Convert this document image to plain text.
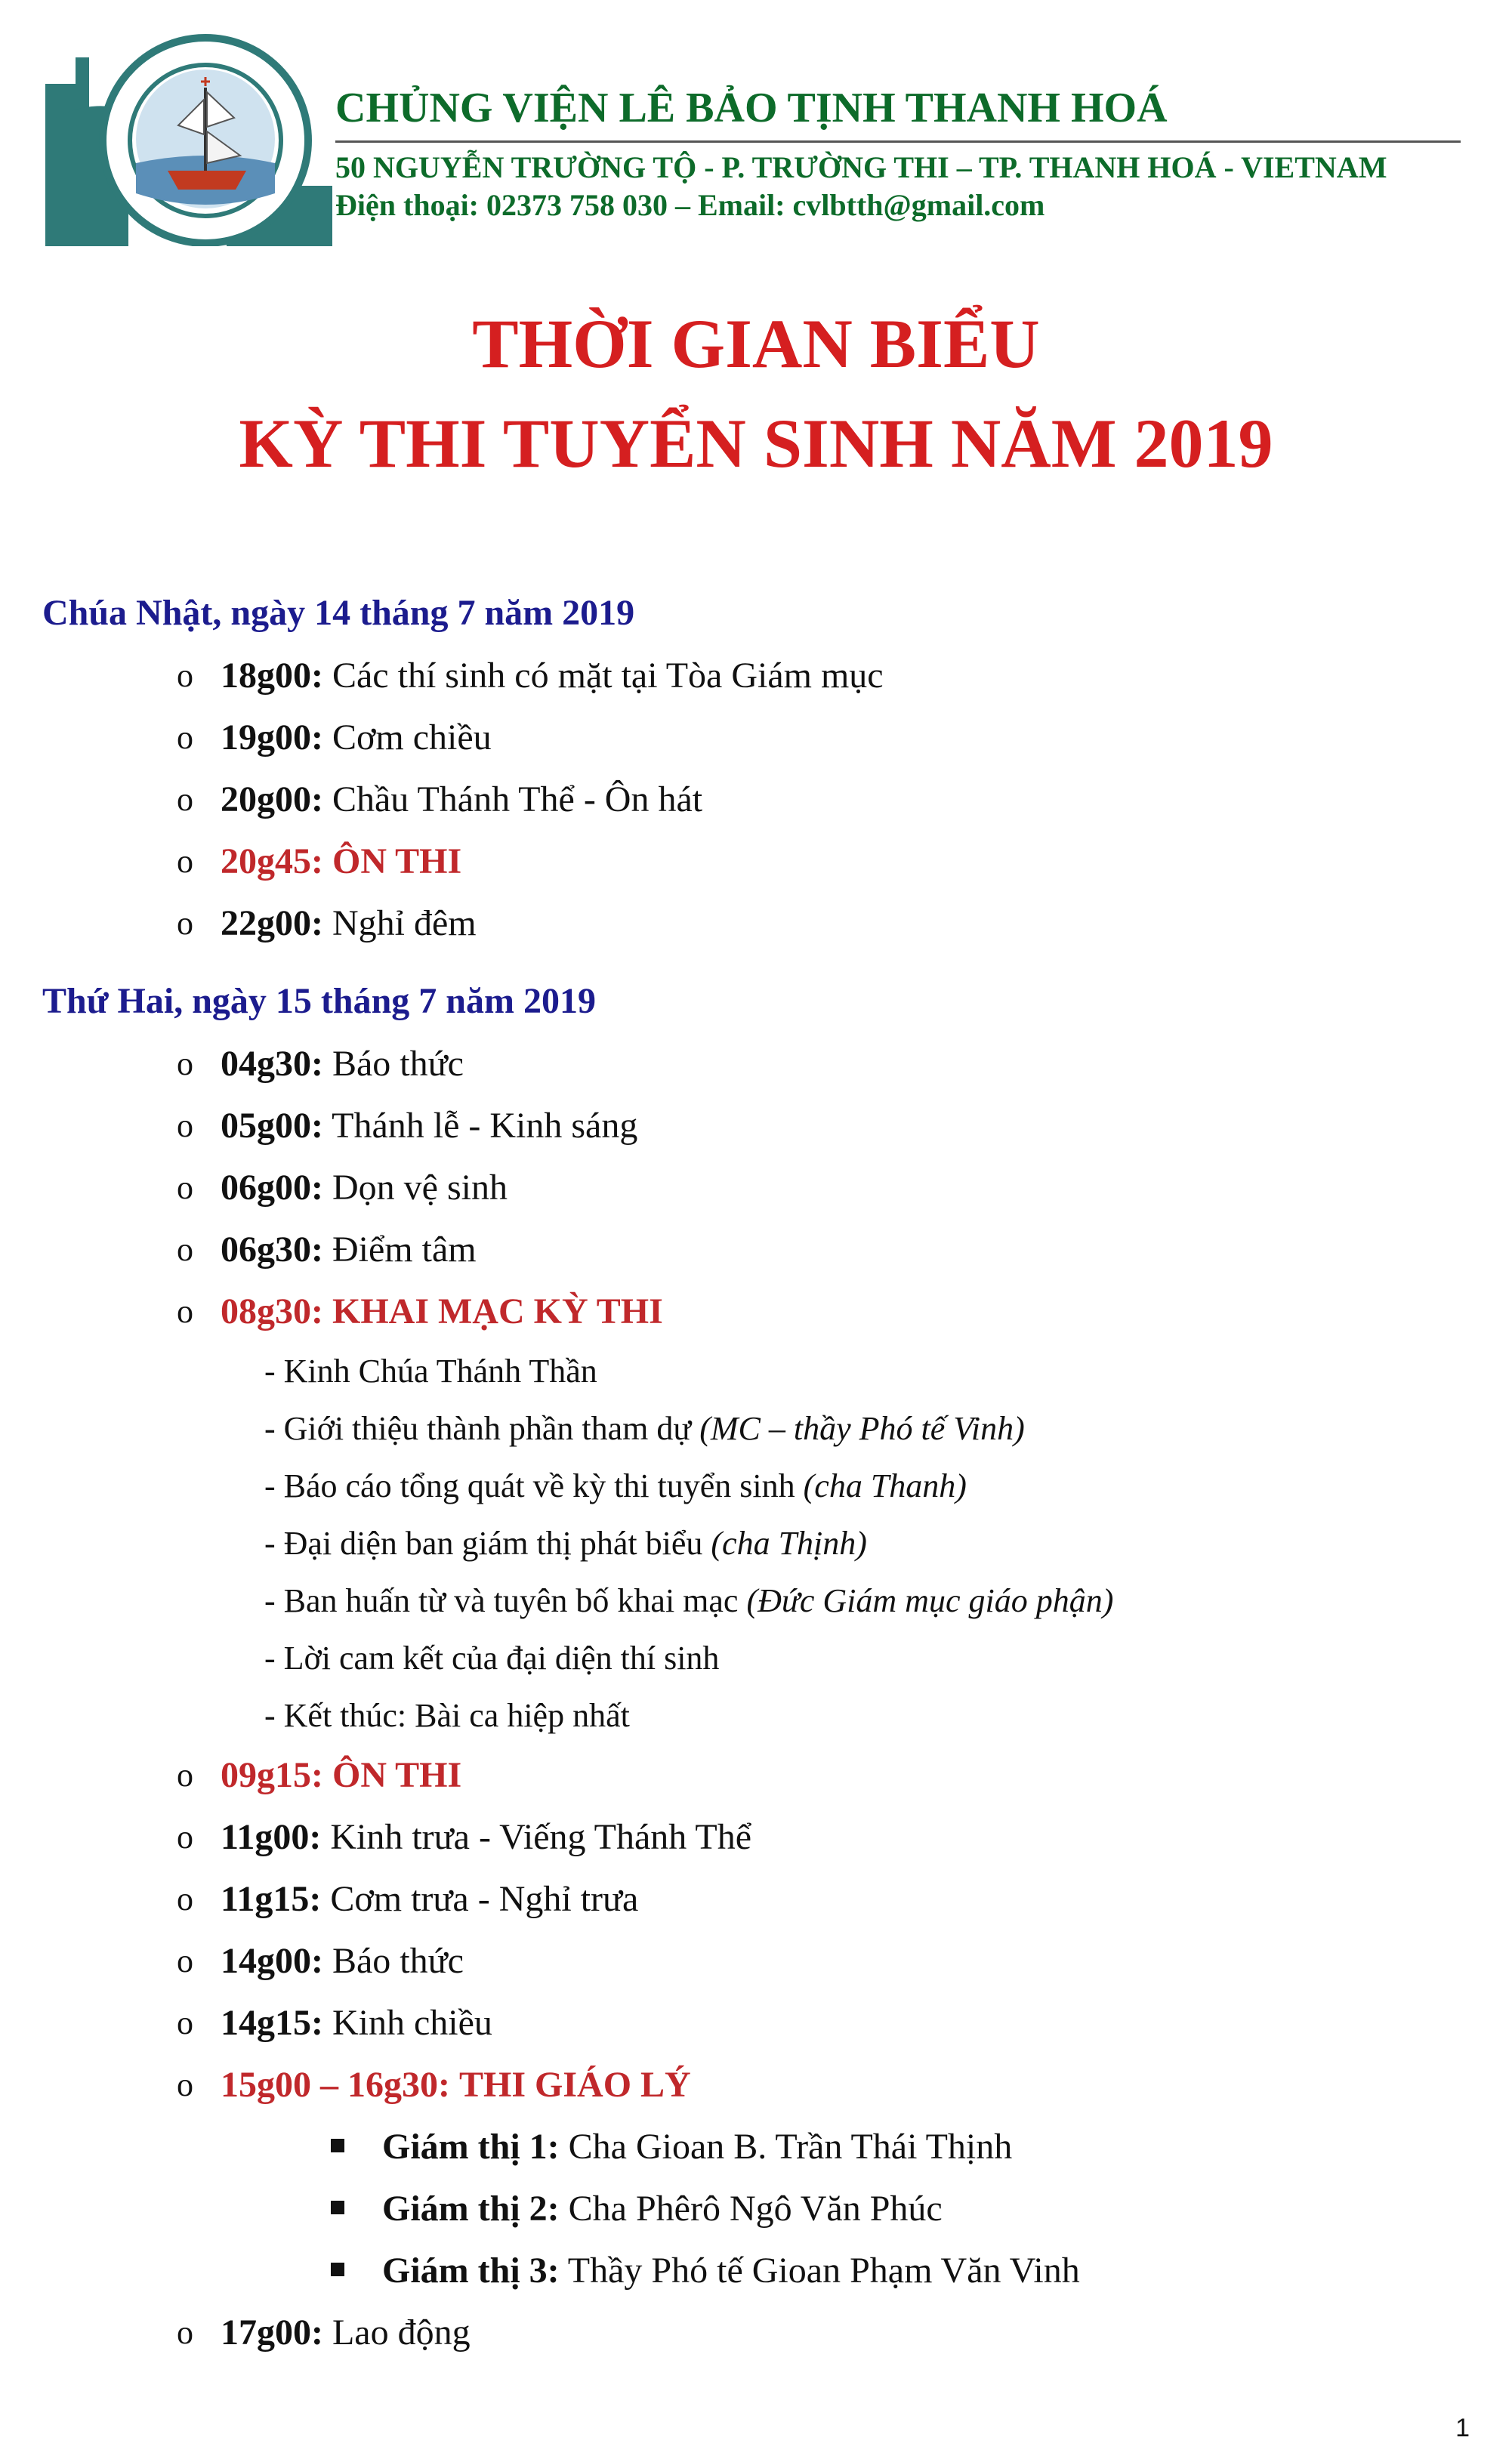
CHỦNG VIỆN LÊ BẢO TỊNH THANH HOÁ
50 NGUYỄN TRƯỜNG TỘ - P. TRƯỜNG THI – TP. THANH HOÁ - VIETNAM
Điện thoại: 02373 758 030 – Email: cvlbtth@gmail.com
THỜI GIAN BIỂU
KỲ THI TUYỂN SINH NĂM 2019
Chúa Nhật, ngày 14 tháng 7 năm 2019
o 18g00: Các thí sinh có mặt tại Tòa Giám mục
o 19g00: Cơm chiều
o 20g00: Chầu Thánh Thể - Ôn hát
o 20g45: ÔN THI
o 22g00: Nghỉ đêm
Thứ Hai, ngày 15 tháng 7 năm 2019
o 04g30: Báo thức
o 05g00: Thánh lễ - Kinh sáng
o 06g00: Dọn vệ sinh
o 06g30: Điểm tâm
o 08g30: KHAI MẠC KỲ THI
- Kinh Chúa Thánh Thần
- Giới thiệu thành phần tham dự (MC – thầy Phó tế Vinh)
- Báo cáo tổng quát về kỳ thi tuyển sinh (cha Thanh)
- Đại diện ban giám thị phát biểu (cha Thịnh)
- Ban huấn từ và tuyên bố khai mạc (Đức Giám mục giáo phận)
- Lời cam kết của đại diện thí sinh
- Kết thúc: Bài ca hiệp nhất
o 09g15: ÔN THI
o 11g00: Kinh trưa - Viếng Thánh Thể
o 11g15: Cơm trưa - Nghỉ trưa
o 14g00: Báo thức
o 14g15: Kinh chiều
o 15g00 – 16g30: THI GIÁO LÝ
Giám thị 1: Cha Gioan B. Trần Thái Thịnh
Giám thị 2: Cha Phêrô Ngô Văn Phúc
Giám thị 3: Thầy Phó tế Gioan Phạm Văn Vinh
o 17g00: Lao động
1
